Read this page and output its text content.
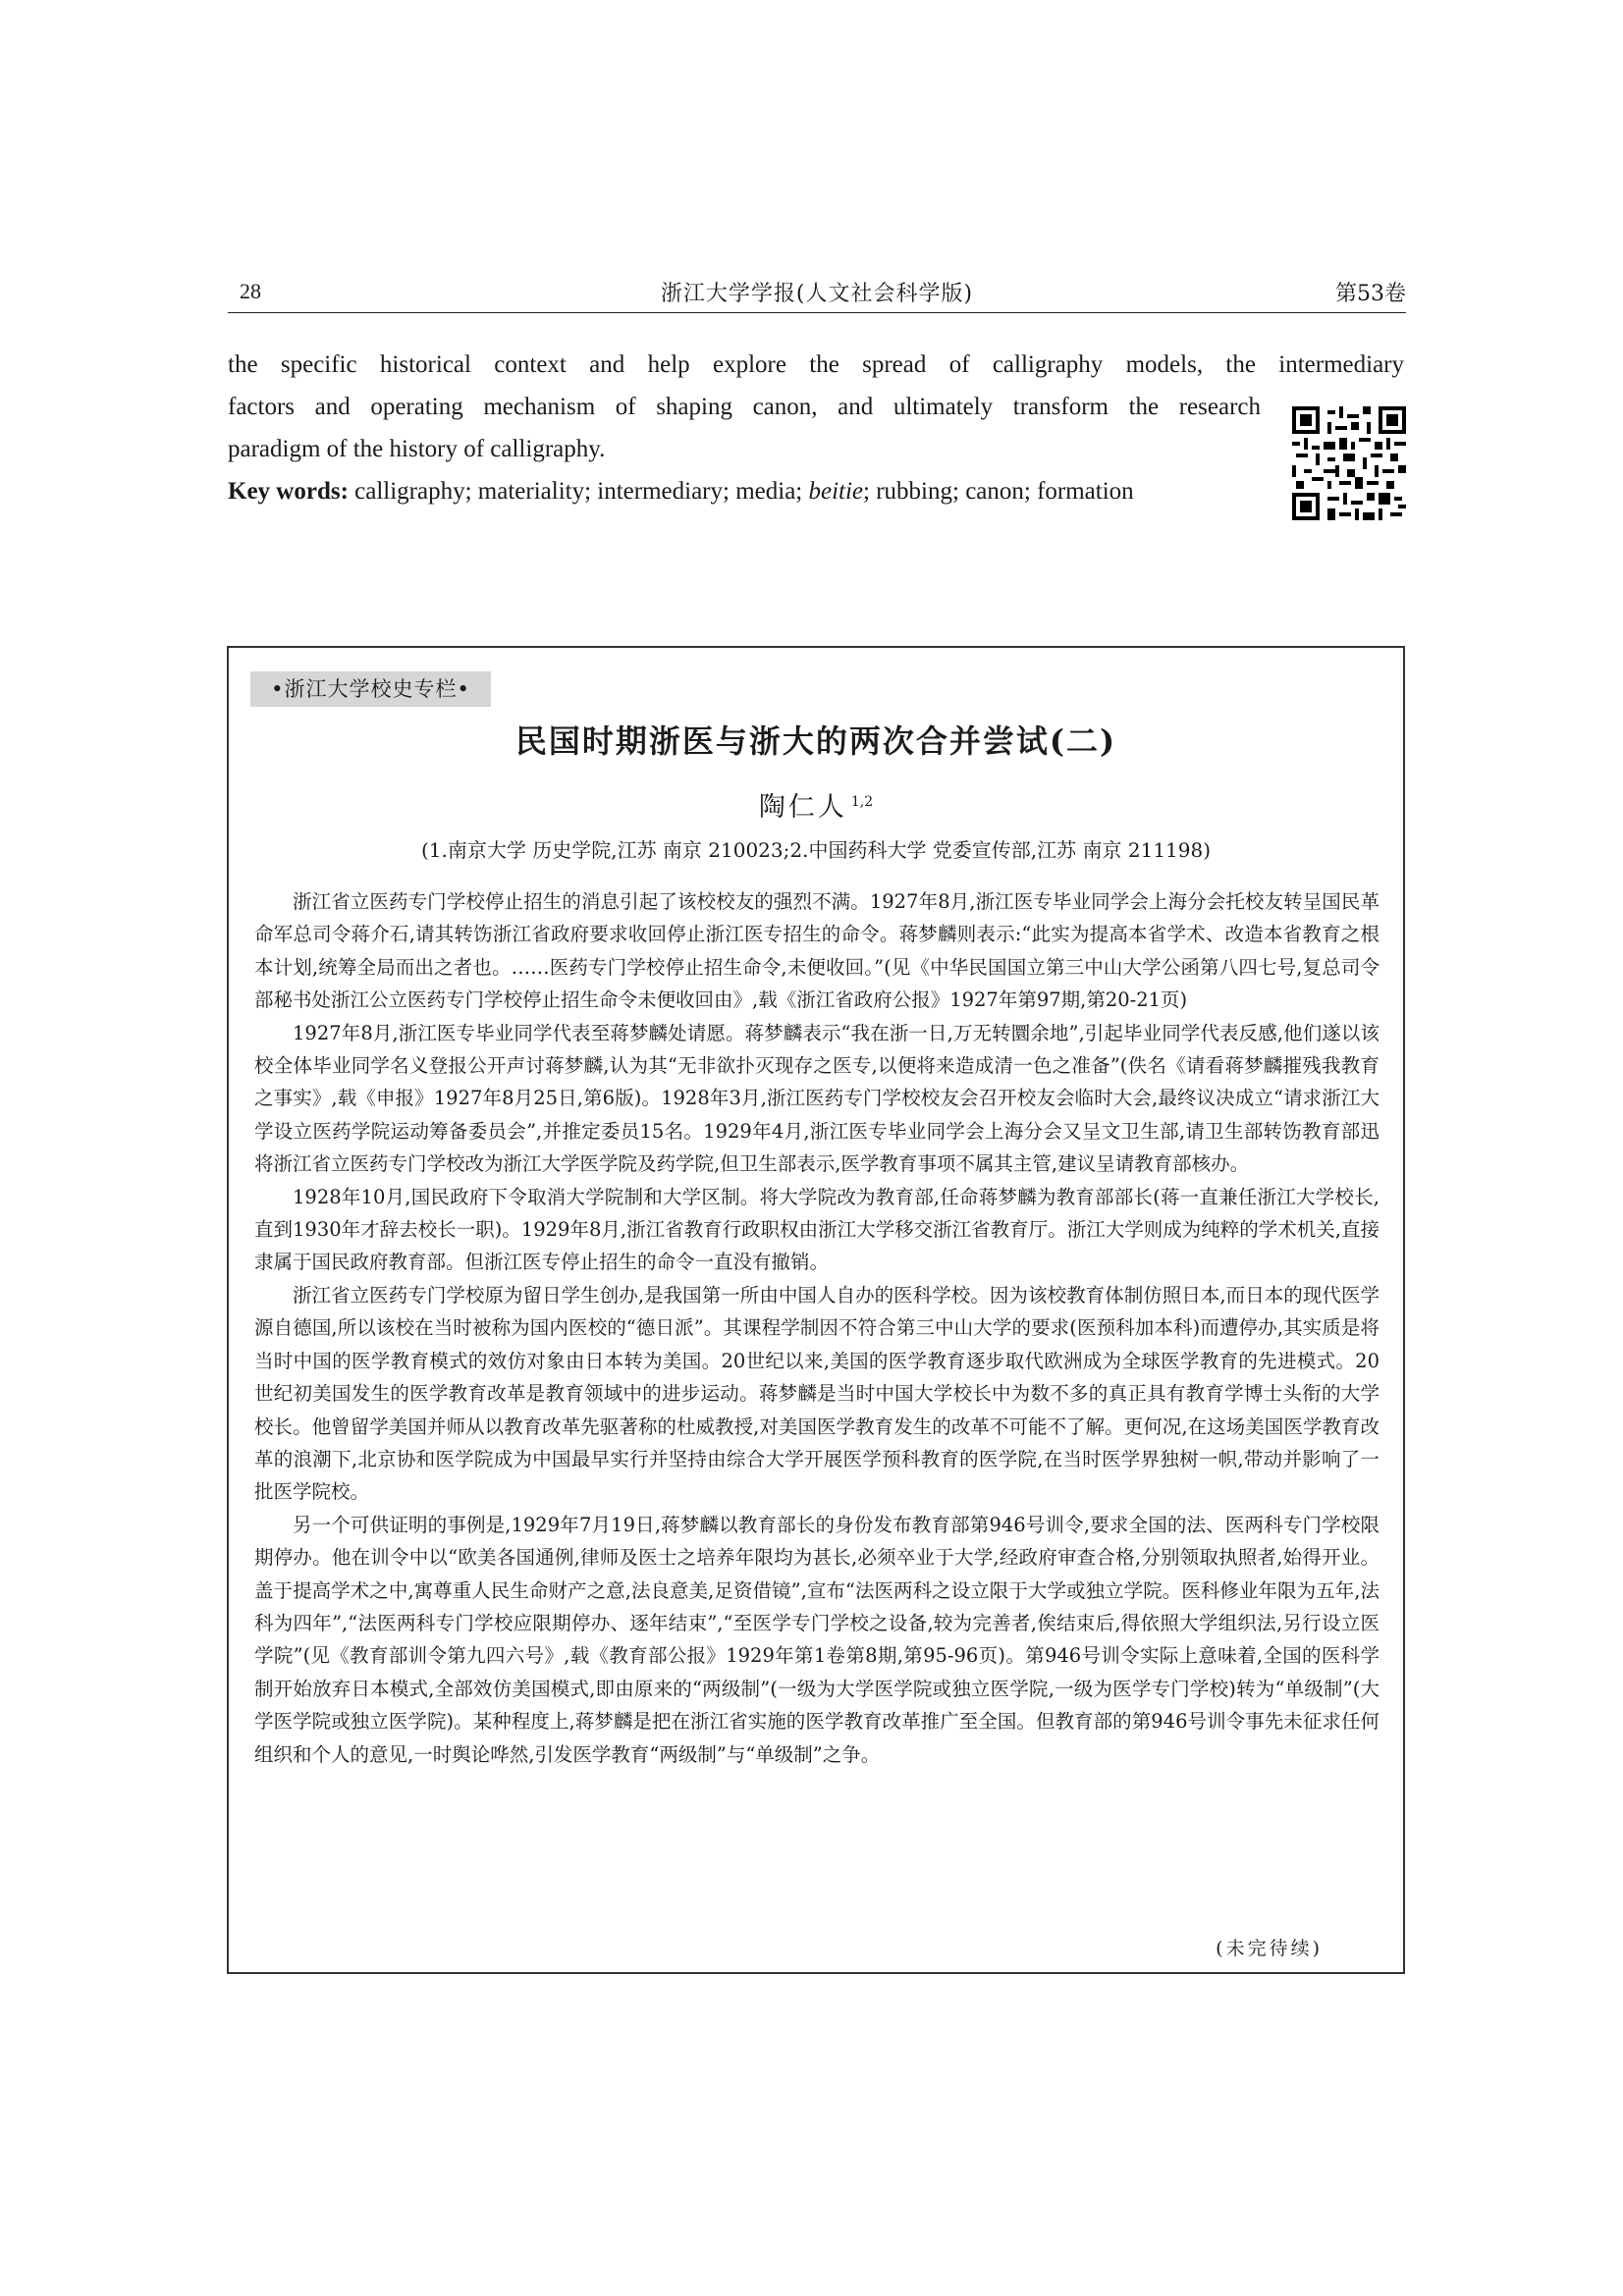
28	浙江大学学报(人文社会科学版)	第53卷
the specific historical context and help explore the spread of calligraphy models, the intermediary
factors and operating mechanism of shaping canon, and ultimately transform the research
paradigm of the history of calligraphy.
Key words: calligraphy; materiality; intermediary; media; beitie; rubbing; canon; formation
•浙江大学校史专栏•
民国时期浙医与浙大的两次合并尝试(二)
陶仁人 $^{1,2}$
(1.南京大学 历史学院,江苏 南京 210023;2.中国药科大学 党委宣传部,江苏 南京 211198)

浙江省立医药专门学校停止招生的消息引起了该校校友的强烈不满。1927年8月,浙江医专毕业同学会上海分会托校友转呈国民革命军总司令蒋介石,请其转饬浙江省政府要求收回停止浙江医专招生的命令。蒋梦麟则表示:“此实为提高本省学术、改造本省教育之根本计划,统筹全局而出之者也。……医药专门学校停止招生命令,未便收回。”(见《中华民国国立第三中山大学公函第八四七号,复总司令部秘书处浙江公立医药专门学校停止招生命令未便收回由》,载《浙江省政府公报》1927年第97期,第20-21页)

1927年8月,浙江医专毕业同学代表至蒋梦麟处请愿。蒋梦麟表示“我在浙一日,万无转圜余地”,引起毕业同学代表反感,他们遂以该校全体毕业同学名义登报公开声讨蒋梦麟,认为其“无非欲扑灭现存之医专,以便将来造成清一色之准备”(佚名《请看蒋梦麟摧残我教育之事实》,载《申报》1927年8月25日,第6版)。1928年3月,浙江医药专门学校校友会召开校友会临时大会,最终议决成立“请求浙江大学设立医药学院运动筹备委员会”,并推定委员15名。1929年4月,浙江医专毕业同学会上海分会又呈文卫生部,请卫生部转饬教育部迅将浙江省立医药专门学校改为浙江大学医学院及药学院,但卫生部表示,医学教育事项不属其主管,建议呈请教育部核办。

1928年10月,国民政府下令取消大学院制和大学区制。将大学院改为教育部,任命蒋梦麟为教育部部长(蒋一直兼任浙江大学校长,直到1930年才辞去校长一职)。1929年8月,浙江省教育行政职权由浙江大学移交浙江省教育厅。浙江大学则成为纯粹的学术机关,直接隶属于国民政府教育部。但浙江医专停止招生的命令一直没有撤销。

浙江省立医药专门学校原为留日学生创办,是我国第一所由中国人自办的医科学校。因为该校教育体制仿照日本,而日本的现代医学源自德国,所以该校在当时被称为国内医校的“德日派”。其课程学制因不符合第三中山大学的要求(医预科加本科)而遭停办,其实质是将当时中国的医学教育模式的效仿对象由日本转为美国。20世纪以来,美国的医学教育逐步取代欧洲成为全球医学教育的先进模式。20世纪初美国发生的医学教育改革是教育领域中的进步运动。蒋梦麟是当时中国大学校长中为数不多的真正具有教育学博士头衔的大学校长。他曾留学美国并师从以教育改革先驱著称的杜威教授,对美国医学教育发生的改革不可能不了解。更何况,在这场美国医学教育改革的浪潮下,北京协和医学院成为中国最早实行并坚持由综合大学开展医学预科教育的医学院,在当时医学界独树一帜,带动并影响了一批医学院校。

另一个可供证明的事例是,1929年7月19日,蒋梦麟以教育部长的身份发布教育部第946号训令,要求全国的法、医两科专门学校限期停办。他在训令中以“欧美各国通例,律师及医士之培养年限均为甚长,必须卒业于大学,经政府审查合格,分别领取执照者,始得开业。盖于提高学术之中,寓尊重人民生命财产之意,法良意美,足资借镜”,宣布“法医两科之设立限于大学或独立学院。医科修业年限为五年,法科为四年”,“法医两科专门学校应限期停办、逐年结束”,“至医学专门学校之设备,较为完善者,俟结束后,得依照大学组织法,另行设立医学院”(见《教育部训令第九四六号》,载《教育部公报》1929年第1卷第8期,第95-96页)。第946号训令实际上意味着,全国的医科学制开始放弃日本模式,全部效仿美国模式,即由原来的“两级制”(一级为大学医学院或独立医学院,一级为医学专门学校)转为“单级制”(大学医学院或独立医学院)。某种程度上,蒋梦麟是把在浙江省实施的医学教育改革推广至全国。但教育部的第946号训令事先未征求任何组织和个人的意见,一时舆论哗然,引发医学教育“两级制”与“单级制”之争。

(未完待续)
